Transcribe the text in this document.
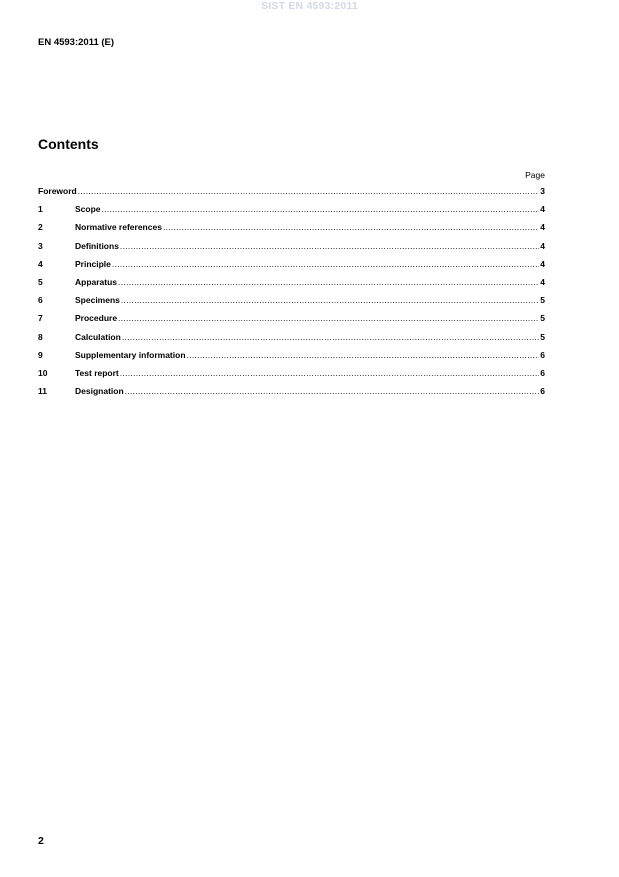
SIST EN 4593:2011
EN 4593:2011 (E)
Contents
Page
Foreword .....	3
1	Scope .....	4
2	Normative references .....	4
3	Definitions .....	4
4	Principle .....	4
5	Apparatus .....	4
6	Specimens .....	5
7	Procedure .....	5
8	Calculation .....	5
9	Supplementary information .....	6
10	Test report .....	6
11	Designation .....	6
2
